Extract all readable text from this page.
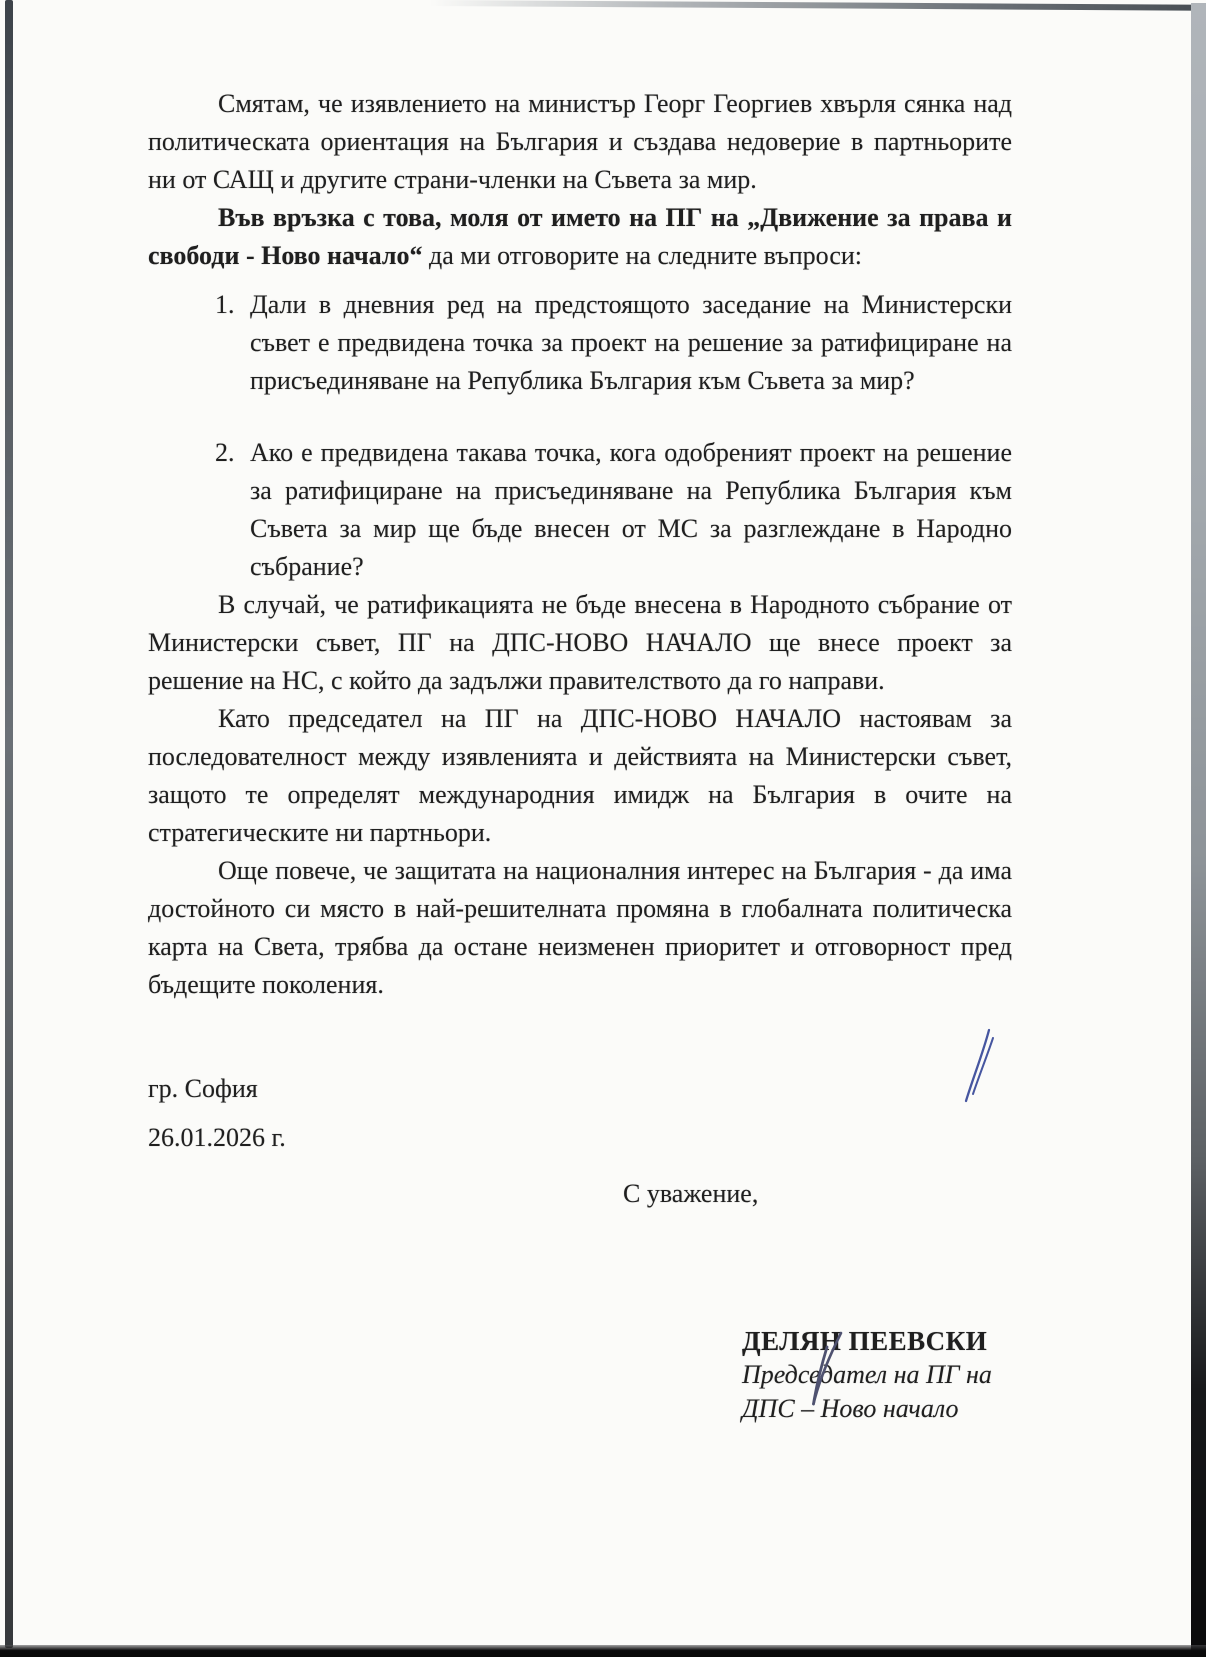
Смятам, че изявлението на министър Георг Георгиев хвърля сянка над политическата ориентация на България и създава недоверие в партньорите ни от САЩ и другите страни-членки на Съвета за мир.

Във връзка с това, моля от името на ПГ на „Движение за права и свободи - Ново начало“ да ми отговорите на следните въпроси:

1. Дали в дневния ред на предстоящото заседание на Министерски съвет е предвидена точка за проект на решение за ратифициране на присъединяване на Република България към Съвета за мир?
2. Ако е предвидена такава точка, кога одобреният проект на решение за ратифициране на присъединяване на Република България към Съвета за мир ще бъде внесен от МС за разглеждане в Народно събрание?

В случай, че ратификацията не бъде внесена в Народното събрание от Министерски съвет, ПГ на ДПС-НОВО НАЧАЛО ще внесе проект за решение на НС, с който да задължи правителството да го направи.

Като председател на ПГ на ДПС-НОВО НАЧАЛО настоявам за последователност между изявленията и действията на Министерски съвет, защото те определят международния имидж на България в очите на стратегическите ни партньори.

Още повече, че защитата на националния интерес на България - да има достойното си място в най-решителната промяна в глобалната политическа карта на Света, трябва да остане неизменен приоритет и отговорност пред бъдещите поколения.

гр. София

26.01.2026 г.

С уважение,

ДЕЛЯН ПЕЕВСКИ
Председател на ПГ на
ДПС – Ново начало
